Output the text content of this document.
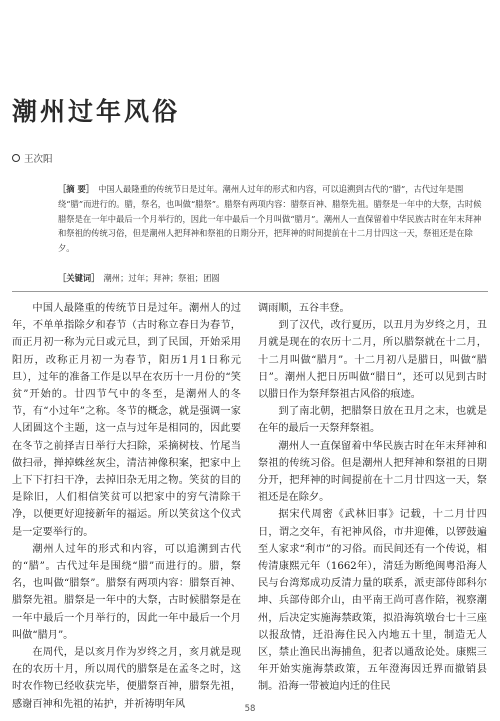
潮州过年风俗
王次阳
［摘 要］ 中国人最隆重的传统节日是过年。潮州人过年的形式和内容，可以追溯到古代的“腊”，古代过年是围绕“腊”而进行的。腊，祭名，也叫做“腊祭”。腊祭有两项内容：腊祭百神、腊祭先祖。腊祭是一年中的大祭，古时候腊祭是在一年中最后一个月举行的，因此一年中最后一个月叫做“腊月”。潮州人一直保留着中华民族古时在年末拜神和祭祖的传统习俗，但是潮州人把拜神和祭祖的日期分开，把拜神的时间提前在十二月廿四这一天，祭祖还是在除夕。
［关键词］ 潮州；过年；拜神；祭祖；团圆

中国人最隆重的传统节日是过年。潮州人的过年，不单单指除夕和春节（古时称立春日为春节，而正月初一称为元日或元旦，到了民国，开始采用阳历，改称正月初一为春节，阳历1月1日称元旦），过年的准备工作是以早在农历十一月份的“笑贫”开始的。廿四节气中的冬至，是潮州人的冬节，有“小过年”之称。冬节的概念，就是强调一家人团圆这个主题，这一点与过年是相同的，因此要在冬节之前择吉日举行大扫除，采摘树枝、竹尾当做扫帚，掸掉蛛丝灰尘，清洁神像积案，把家中上上下下打扫干净，去掉旧杂无用之物。笑贫的目的是除旧，人们相信笑贫可以把家中的穷气清除干净，以便更好迎接新年的福运。所以笑贫这个仪式是一定要举行的。

潮州人过年的形式和内容，可以追溯到古代的“腊”。古代过年是围绕“腊”而进行的。腊，祭名，也叫做“腊祭”。腊祭有两项内容：腊祭百神、腊祭先祖。腊祭是一年中的大祭，古时候腊祭是在一年中最后一个月举行的，因此一年中最后一个月叫做“腊月”。

在周代，是以亥月作为岁终之月，亥月就是现在的农历十月，所以周代的腊祭是在孟冬之时，这时农作物已经收获完毕，便腊祭百神，腊祭先祖，感谢百神和先祖的祐护，并祈祷明年风

调雨顺，五谷丰登。

到了汉代，改行夏历，以丑月为岁终之月，丑月就是现在的农历十二月，所以腊祭就在十二月，十二月叫做“腊月”。十二月初八是腊日，叫做“腊日”。潮州人把日历叫做“腊日”，还可以见到古时以腊日作为祭拜祭祖古风俗的痕迹。

到了南北朝，把腊祭日放在丑月之末，也就是在年的最后一天祭拜祭祖。

潮州人一直保留着中华民族古时在年末拜神和祭祖的传统习俗。但是潮州人把拜神和祭祖的日期分开，把拜神的时间提前在十二月廿四这一天，祭祖还是在除夕。

据宋代周密《武林旧事》记载，十二月廿四日，谓之交年，有祀神风俗，市井迎傩，以锣鼓遍至人家求“利市”的习俗。而民间还有一个传说，相传清康熙元年（1662年），清廷为断绝闽粤沿海人民与台湾郑成功反清力量的联系，派吏部侍郎科尔坤、兵部侍郎介山，由平南王尚可喜作陪，视察潮州，后决定实施海禁政策，拟沿海筑墩台七十三座以报敌情，迁沿海住民入内地五十里，制造无人区，禁止渔民出海捕鱼，犯者以通敌论处。康熙三年开始实施海禁政策，五年澄海因迁界而撤销县制。沿海一带被迫内迁的住民

58
